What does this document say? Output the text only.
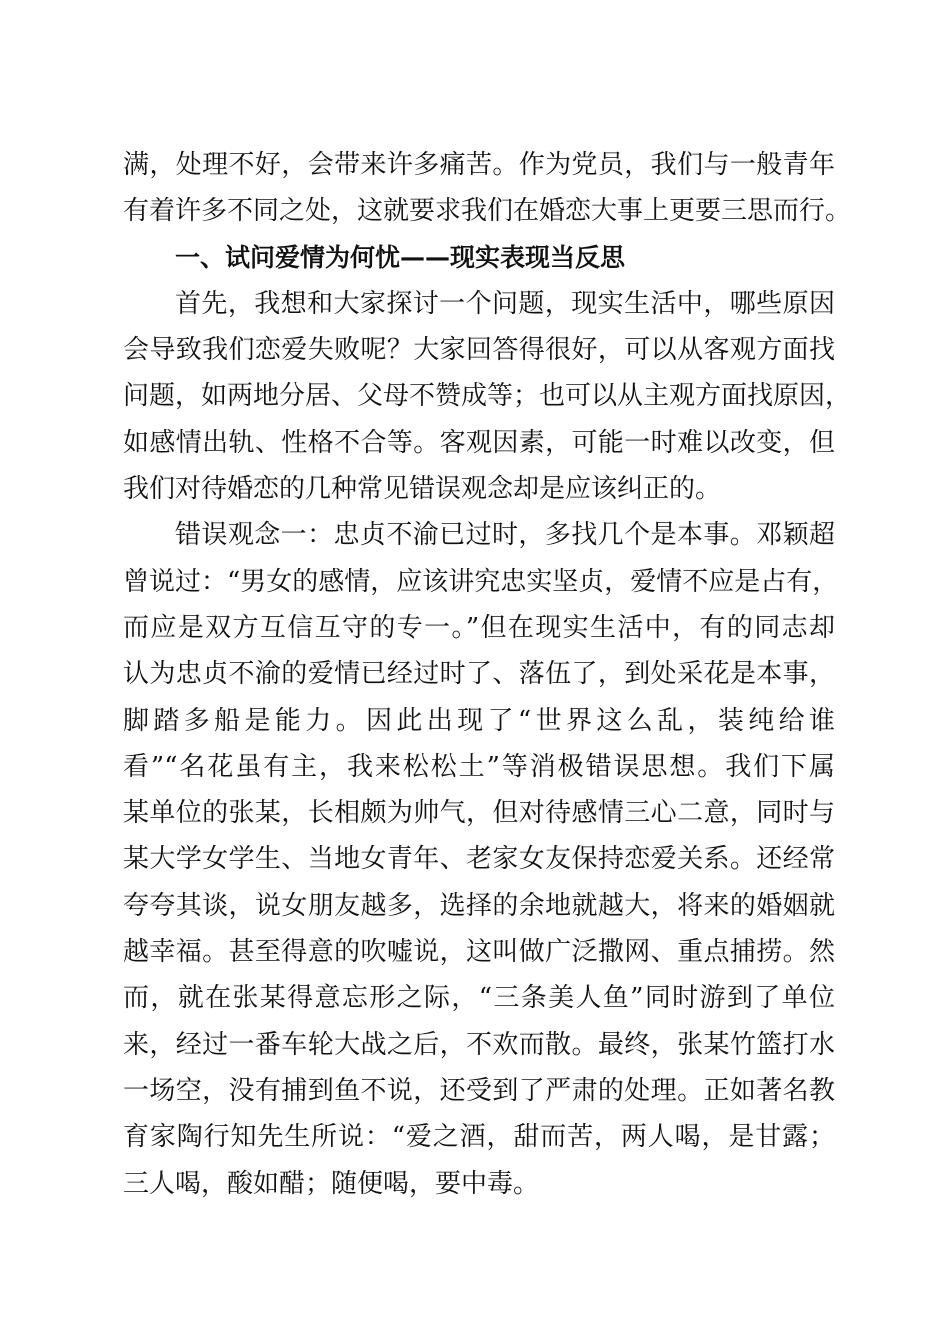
满，处理不好，会带来许多痛苦。作为党员，我们与一般青年
有着许多不同之处，这就要求我们在婚恋大事上更要三思而行。
一、试问爱情为何忧——现实表现当反思
首先，我想和大家探讨一个问题，现实生活中，哪些原因
会导致我们恋爱失败呢？大家回答得很好，可以从客观方面找
问题，如两地分居、父母不赞成等；也可以从主观方面找原因，
如感情出轨、性格不合等。客观因素，可能一时难以改变，但
我们对待婚恋的几种常见错误观念却是应该纠正的。
错误观念一：忠贞不渝已过时，多找几个是本事。邓颖超
曾说过：“男女的感情，应该讲究忠实坚贞，爱情不应是占有，
而应是双方互信互守的专一。”但在现实生活中，有的同志却
认为忠贞不渝的爱情已经过时了、落伍了，到处采花是本事，
脚踏多船是能力。因此出现了“世界这么乱，装纯给谁
看”“名花虽有主，我来松松土”等消极错误思想。我们下属
某单位的张某，长相颇为帅气，但对待感情三心二意，同时与
某大学女学生、当地女青年、老家女友保持恋爱关系。还经常
夸夸其谈，说女朋友越多，选择的余地就越大，将来的婚姻就
越幸福。甚至得意的吹嘘说，这叫做广泛撒网、重点捕捞。然
而，就在张某得意忘形之际，“三条美人鱼”同时游到了单位
来，经过一番车轮大战之后，不欢而散。最终，张某竹篮打水
一场空，没有捕到鱼不说，还受到了严肃的处理。正如著名教
育家陶行知先生所说：“爱之酒，甜而苦，两人喝，是甘露；
三人喝，酸如醋；随便喝，要中毒。
